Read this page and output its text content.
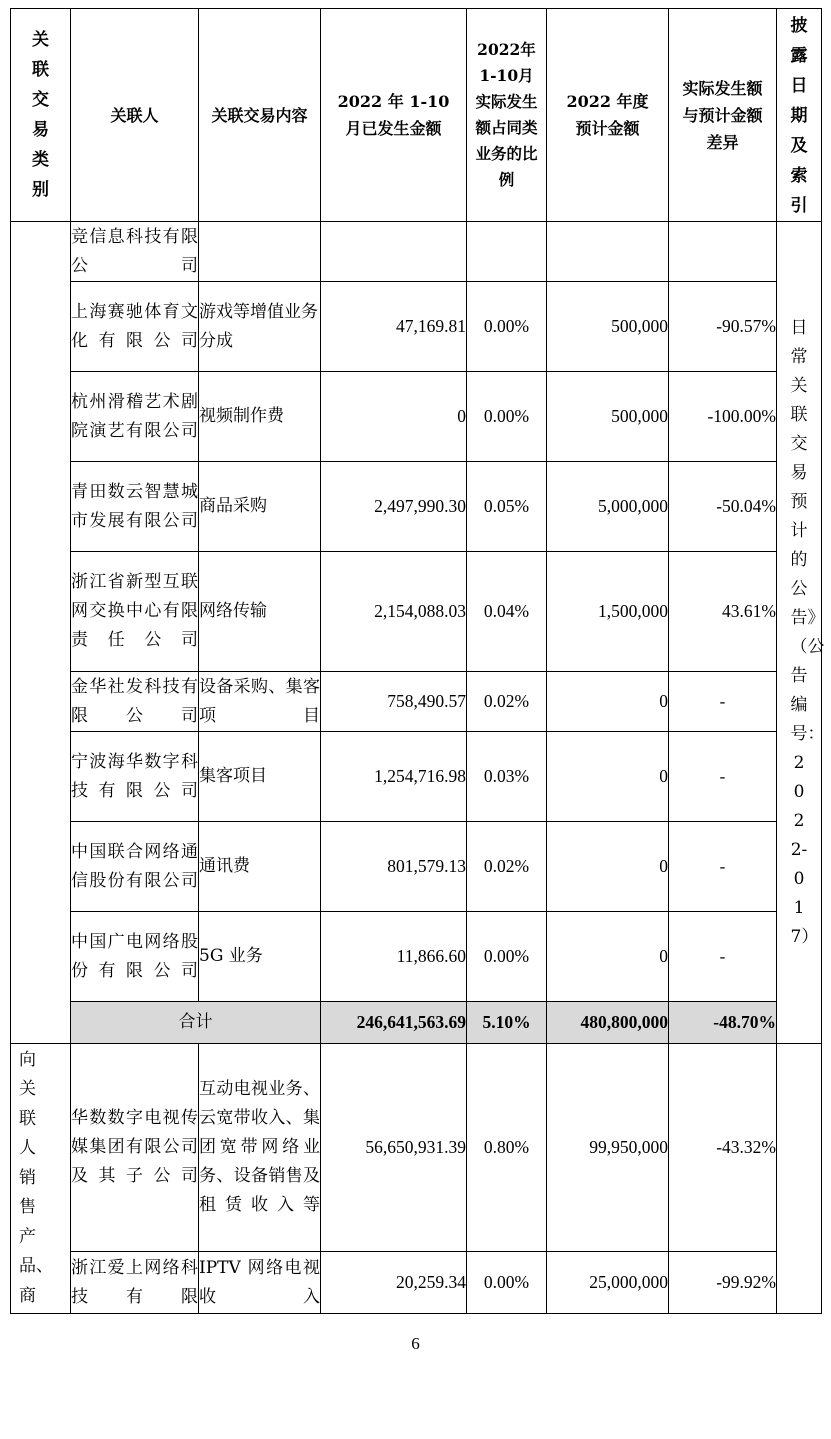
关联交易类别	关联人	关联交易内容	2022 年 1-10 月已发生金额	2022年1-10月实际发生额占同类业务的比例	2022 年度预计金额	实际发生额与预计金额差异	披露日期及索引

	竞信息科技有限公司						日常关联交易预计的公告》（公告编号：2022-017）

	上海赛驰体育文化有限公司	游戏等增值业务分成	47,169.81	0.00%	500,000	-90.57%	
	杭州滑稽艺术剧院演艺有限公司	视频制作费	0	0.00%	500,000	-100.00%	
	青田数云智慧城市发展有限公司	商品采购	2,497,990.30	0.05%	5,000,000	-50.04%	
	浙江省新型互联网交换中心有限责任公司	网络传输	2,154,088.03	0.04%	1,500,000	43.61%	
	金华社发科技有限公司	设备采购、集客项目	758,490.57	0.02%	0	-	
	宁波海华数字科技有限公司	集客项目	1,254,716.98	0.03%	0	-	
	中国联合网络通信股份有限公司	通讯费	801,579.13	0.02%	0	-	
	中国广电网络股份有限公司	5G 业务	11,866.60	0.00%	0	-	
	合计		246,641,563.69	5.10%	480,800,000	-48.70%	

向关联人销售产品、商	华数数字电视传媒集团有限公司及其子公司	互动电视业务、云宽带收入、集团宽带网络业务、设备销售及租赁收入等	56,650,931.39	0.80%	99,950,000	-43.32%	
	浙江爱上网络科技有限	IPTV 网络电视收入	20,259.34	0.00%	25,000,000	-99.92%	
6
